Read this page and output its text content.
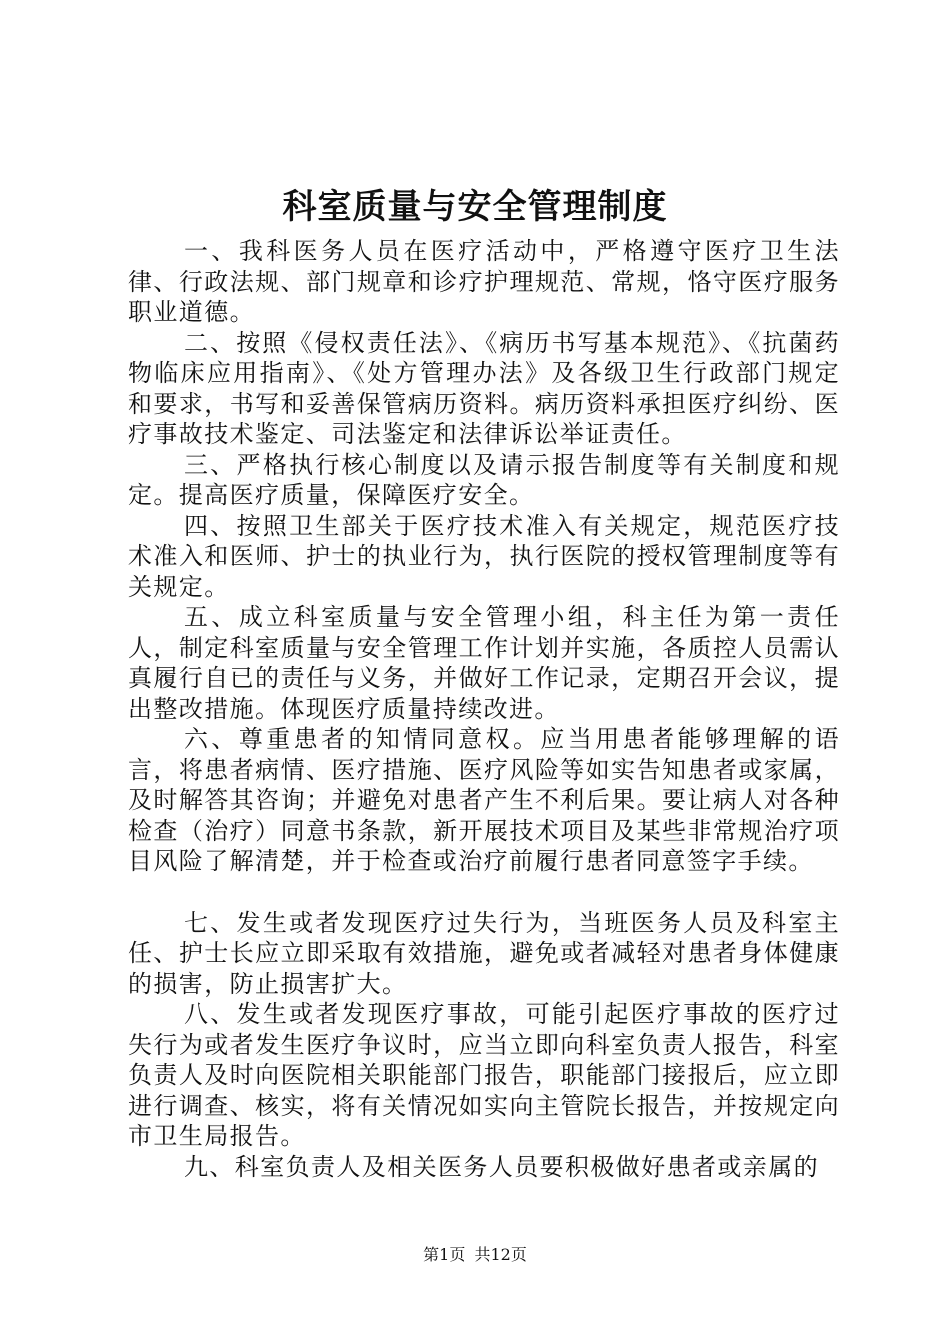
科室质量与安全管理制度

一、我科医务人员在医疗活动中，严格遵守医疗卫生法律、行政法规、部门规章和诊疗护理规范、常规，恪守医疗服务职业道德。

二、按照《侵权责任法》、《病历书写基本规范》、《抗菌药物临床应用指南》、《处方管理办法》及各级卫生行政部门规定和要求，书写和妥善保管病历资料。病历资料承担医疗纠纷、医疗事故技术鉴定、司法鉴定和法律诉讼举证责任。

三、严格执行核心制度以及请示报告制度等有关制度和规定。提高医疗质量，保障医疗安全。

四、按照卫生部关于医疗技术准入有关规定，规范医疗技术准入和医师、护士的执业行为，执行医院的授权管理制度等有关规定。

五、成立科室质量与安全管理小组，科主任为第一责任人，制定科室质量与安全管理工作计划并实施，各质控人员需认真履行自已的责任与义务，并做好工作记录，定期召开会议，提出整改措施。体现医疗质量持续改进。

六、尊重患者的知情同意权。应当用患者能够理解的语言，将患者病情、医疗措施、医疗风险等如实告知患者或家属，及时解答其咨询；并避免对患者产生不利后果。要让病人对各种检查（治疗）同意书条款，新开展技术项目及某些非常规治疗项目风险了解清楚，并于检查或治疗前履行患者同意签字手续。

七、发生或者发现医疗过失行为，当班医务人员及科室主任、护士长应立即采取有效措施，避免或者减轻对患者身体健康的损害，防止损害扩大。

八、发生或者发现医疗事故，可能引起医疗事故的医疗过失行为或者发生医疗争议时，应当立即向科室负责人报告，科室负责人及时向医院相关职能部门报告，职能部门接报后，应立即进行调查、核实，将有关情况如实向主管院长报告，并按规定向市卫生局报告。

九、科室负责人及相关医务人员要积极做好患者或亲属的

第1页 共12页
